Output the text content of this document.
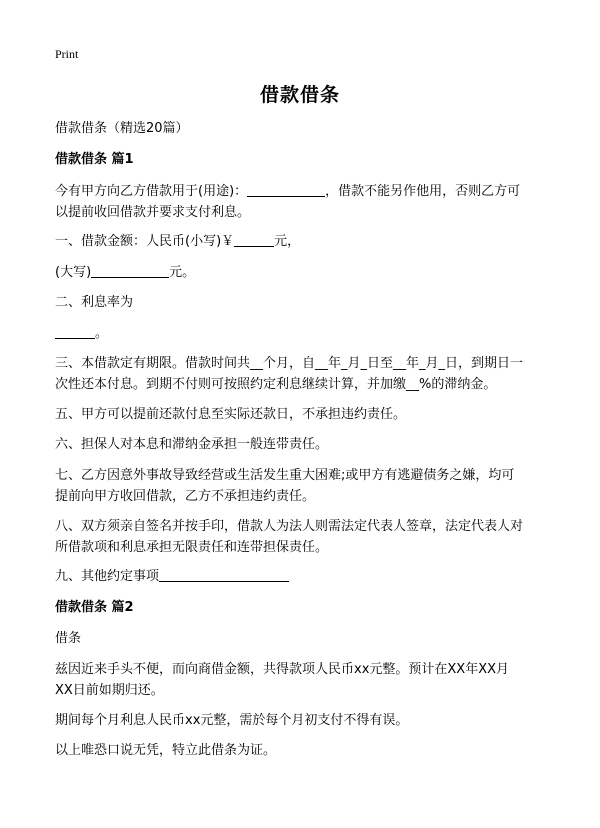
Print
借款借条
借款借条（精选20篇）
借款借条 篇1
今有甲方向乙方借款用于(用途)：	，借款不能另作他用，否则乙方可
以提前收回借款并要求支付利息。
一、借款金额：人民币(小写)￥	元，
(大写)	元。
二、利息率为
。
三、本借款定有期限。借款时间共__个月，自__年_月_日至__年_月_日，到期日一
次性还本付息。到期不付则可按照约定利息继续计算，并加缴__%的滞纳金。
五、甲方可以提前还款付息至实际还款日，不承担违约责任。
六、担保人对本息和滞纳金承担一般连带责任。
七、乙方因意外事故导致经营或生活发生重大困难;或甲方有逃避债务之嫌，均可
提前向甲方收回借款，乙方不承担违约责任。
八、双方须亲自签名并按手印，借款人为法人则需法定代表人签章，法定代表人对
所借款项和利息承担无限责任和连带担保责任。
九、其他约定事项
借款借条 篇2
借条
兹因近来手头不便，而向商借金额，共得款项人民币xx元整。预计在XX年XX月
XX日前如期归还。
期间每个月利息人民币xx元整，需於每个月初支付不得有误。
以上唯恐口说无凭，特立此借条为证。
